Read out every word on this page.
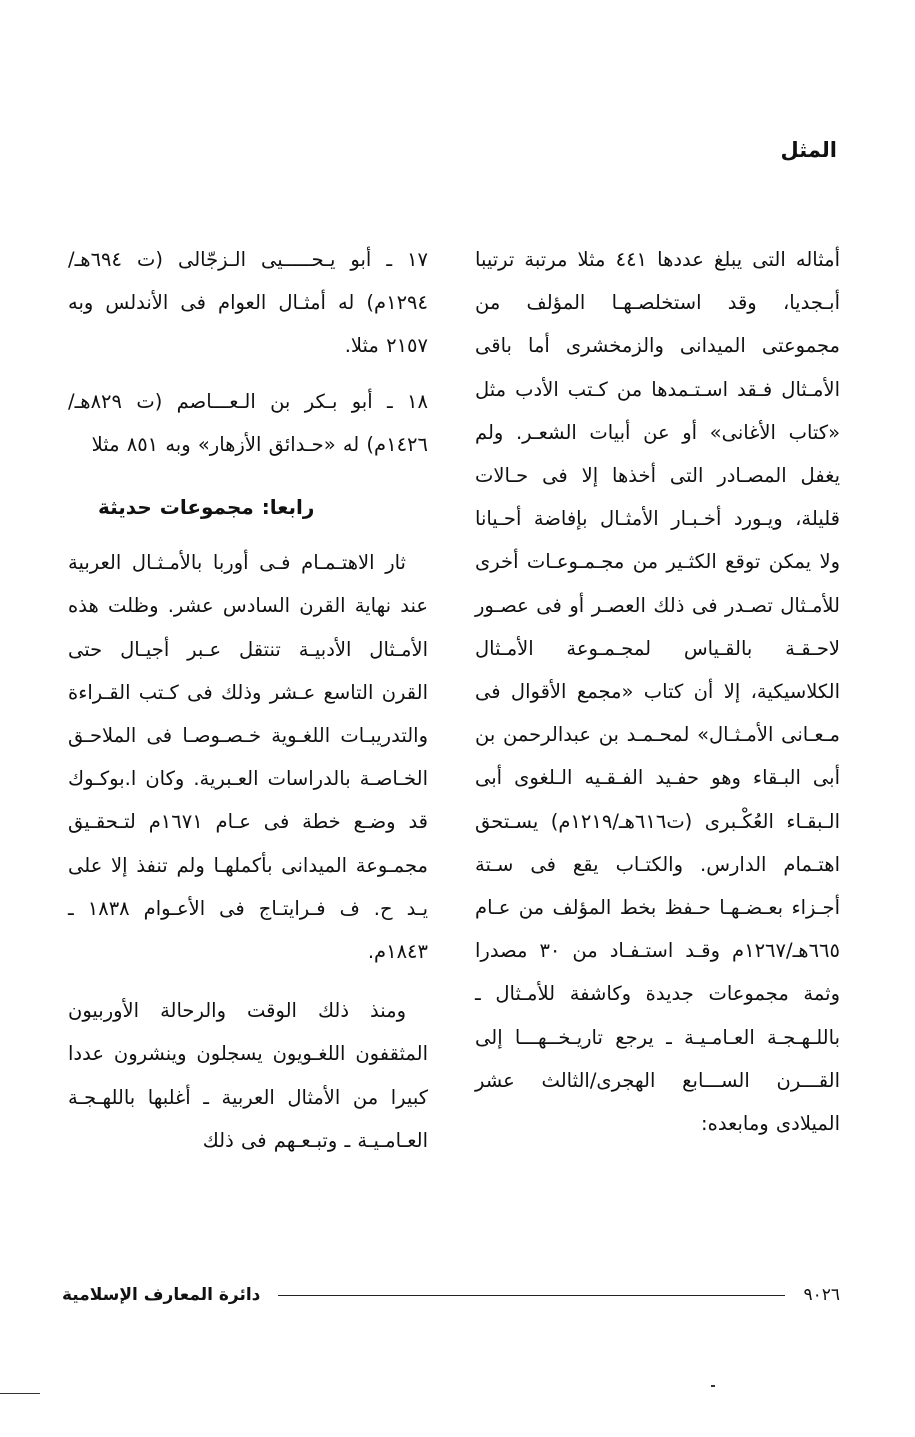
المثل

أمثاله التى يبلغ عددها ٤٤١ مثلا مرتبة ترتيبا أبـجديا، وقد استخلصـهـا المؤلف من مجموعتى الميدانى والزمخشرى أما باقى الأمـثال فـقد اسـتـمدها من كـتب الأدب مثل «كتاب الأغانى» أو عن أبيات الشعـر. ولم يغفل المصـادر التى أخذها إلا فى حـالات قليلة، ويـورد أخـبـار الأمثـال بإفاضة أحـيانا ولا يمكن توقع الكثـير من مجـمـوعـات أخرى للأمـثال تصـدر فى ذلك العصـر أو فى عصـور لاحـقـة بالقـياس لمجـمـوعة الأمـثال الكلاسيكية، إلا أن كتاب «مجمع الأقوال فى مـعـانى الأمـثـال» لمحـمـد بن عبدالرحمن بن أبى البـقاء وهو حفـيد الفـقـيه الـلغوى أبى الـبقـاء العُكْـبرى (ت٦١٦هـ/١٢١٩م) يسـتحق اهتـمام الدارس. والكتـاب يقع فى سـتة أجـزاء بعـضـهـا حـفظ بخط المؤلف من عـام ٦٦٥هـ/١٢٦٧م وقـد استـفـاد من ٣٠ مصدرا وثمة مجموعات جديدة وكاشفة للأمـثال ـ باللـهـجـة العـامـيـة ـ يرجع تاريـخــهـــا إلى القـــرن الســـابع الهجرى/الثالث عشر الميلادى ومابعده:

١٧ ـ أبو يـحـــــيى الـزجّالى (ت ٦٩٤هـ/١٢٩٤م) له أمثـال العوام فى الأندلس وبه ٢١٥٧ مثلا.

١٨ ـ أبو بـكر بن الـعـــاصم (ت ٨٢٩هـ/١٤٢٦م) له «حـدائق الأزهار» وبه ٨٥١ مثلا

رابعا: مجموعات حديثة

ثار الاهتـمـام فـى أوربا بالأمـثـال العربية عند نهاية القرن السادس عشر. وظلت هذه الأمـثال الأدبيـة تنتقل عـبر أجيـال حتى القرن التاسع عـشر وذلك فى كـتب القـراءة والتدريبـات اللغـوية خـصـوصـا فى الملاحـق الخـاصـة بالدراسات العـبرية. وكان ا.بوكـوك قد وضـع خطة فى عـام ١٦٧١م لتـحقـيق مجمـوعة الميدانى بأكملهـا ولم تنفذ إلا على يـد ح. ف فـرايتـاج فى الأعـوام ١٨٣٨ ـ ١٨٤٣م.

ومنذ ذلك الوقت والرحالة الأوربيون المثقفون اللغـويون يسجلون وينشرون عددا كبيرا من الأمثال العربية ـ أغلبها باللهـجـة العـامـيـة ـ وتبـعـهم فى ذلك

٩٠٢٦
دائرة المعارف الإسلامية
